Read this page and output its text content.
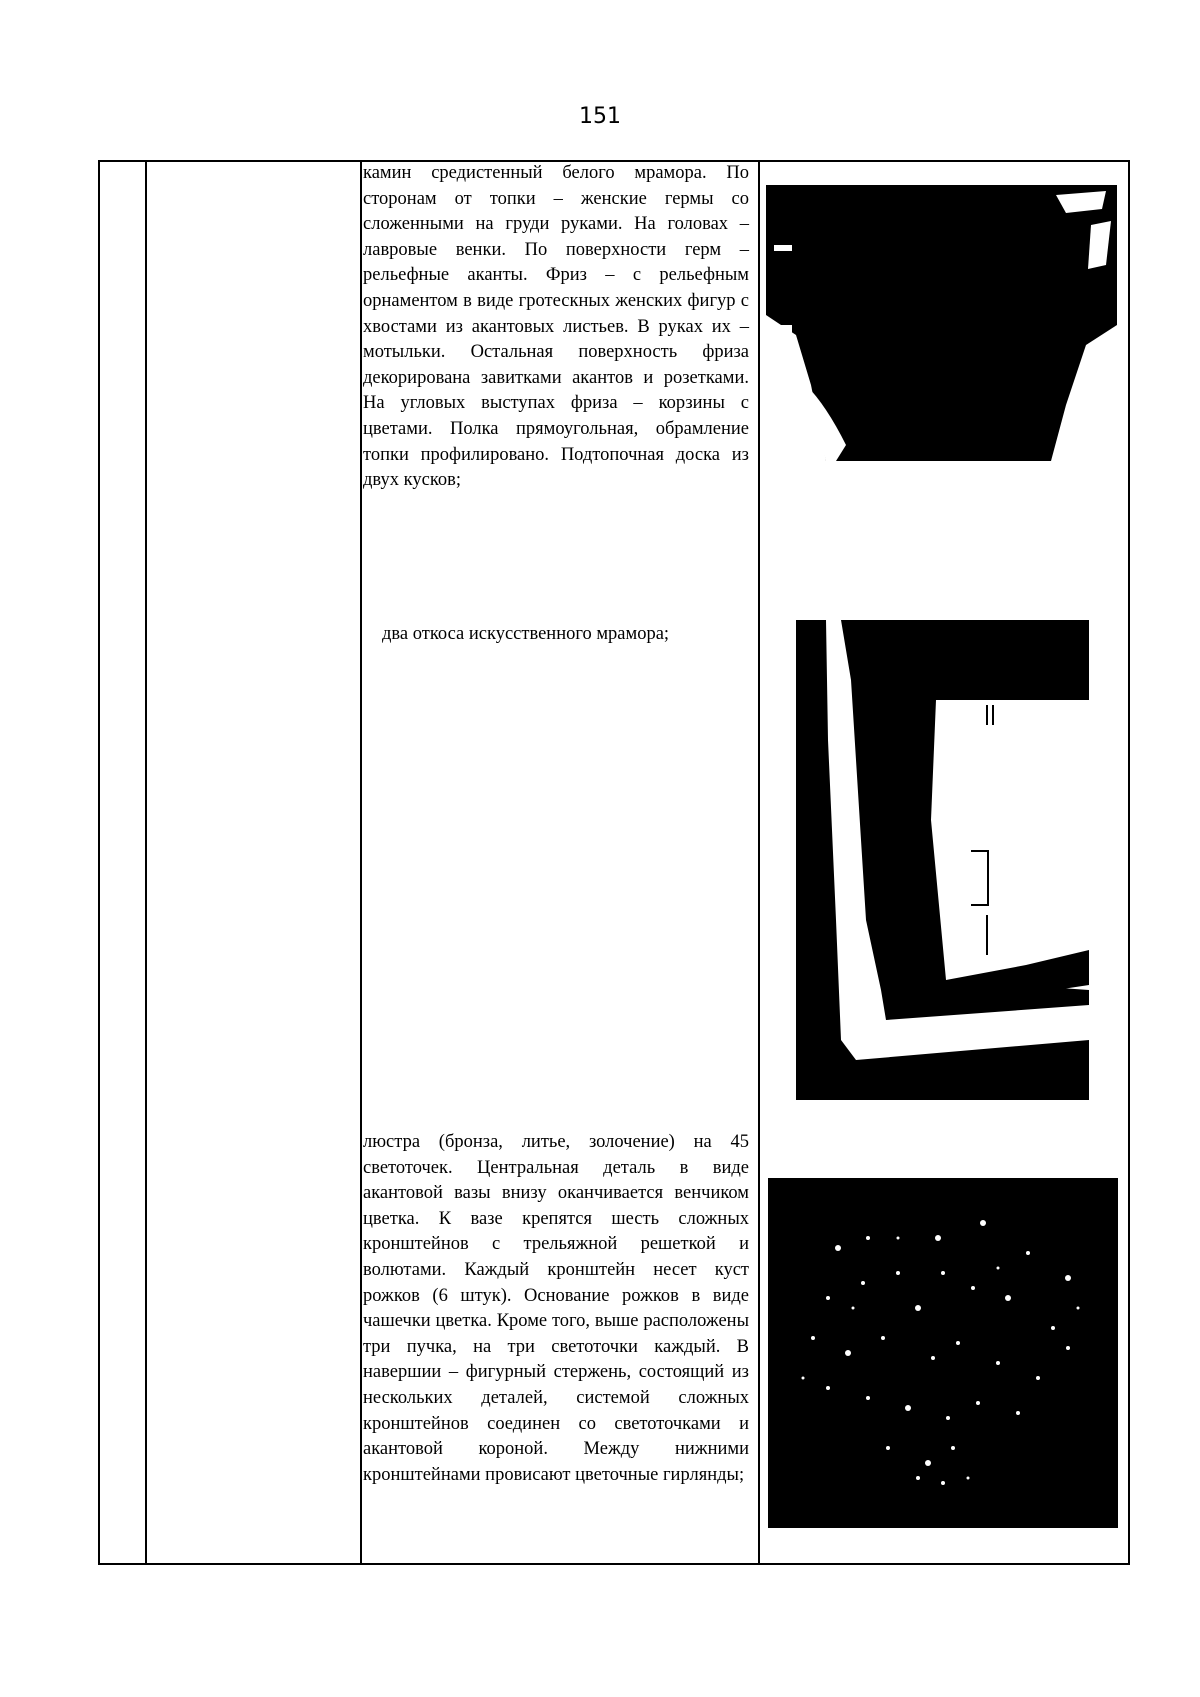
151
камин средистенный белого мрамора. По сторонам от топки – женские гермы со сложенными на груди руками. На головах – лавровые венки. По поверхности герм – рельефные аканты. Фриз – с рельефным орнаментом в виде гротескных женских фигур с хвостами из акантовых листьев. В руках их – мотыльки. Остальная поверхность фриза декорирована завитками акантов и розетками. На угловых выступах фриза – корзины с цветами. Полка прямоугольная, обрамление топки профилировано. Подтопочная доска из двух кусков;
два откоса искусственного мрамора;
люстра (бронза, литье, золочение) на 45 светоточек. Центральная деталь в виде акантовой вазы внизу оканчивается венчиком цветка. К вазе крепятся шесть сложных кронштейнов с трельяжной решеткой и волютами. Каждый кронштейн несет куст рожков (6 штук). Основание рожков в виде чашечки цветка. Кроме того, выше расположены три пучка, на три светоточки каждый. В навершии – фигурный стержень, состоящий из нескольких деталей, системой сложных кронштейнов соединен со светоточками и акантовой короной. Между нижними кронштейнами провисают цветочные гирлянды;
